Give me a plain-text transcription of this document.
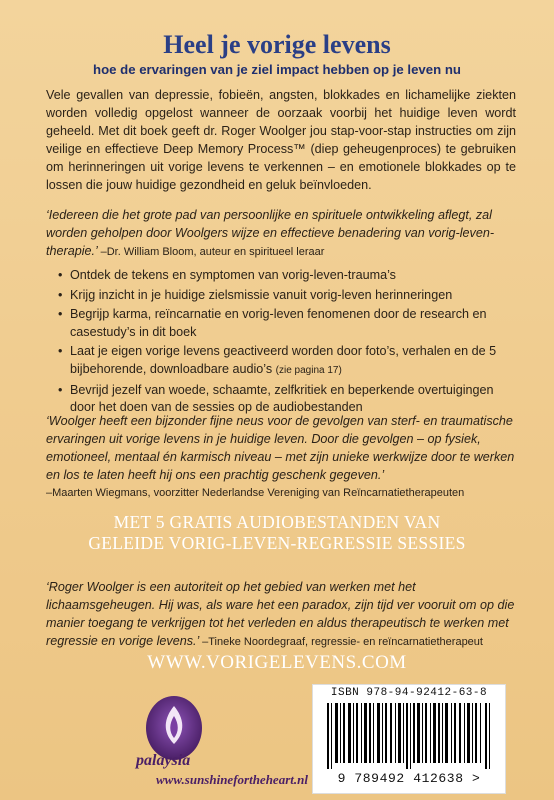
Heel je vorige levens
hoe de ervaringen van je ziel impact hebben op je leven nu
Vele gevallen van depressie, fobieën, angsten, blokkades en lichamelijke ziekten worden volledig opgelost wanneer de oorzaak voorbij het huidige leven wordt geheeld. Met dit boek geeft dr. Roger Woolger jou stap-voor-stap instructies om zijn veilige en effectieve Deep Memory Process™ (diep geheugenproces) te gebruiken om herinneringen uit vorige levens te verkennen – en emotionele blokkades op te lossen die jouw huidige gezondheid en geluk beïnvloeden.
‘Iedereen die het grote pad van persoonlijke en spirituele ontwikkeling aflegt, zal worden geholpen door Woolgers wijze en effectieve benadering van vorig-leven-therapie.’ –Dr. William Bloom, auteur en spiritueel leraar
• Ontdek de tekens en symptomen van vorig-leven-trauma’s
• Krijg inzicht in je huidige zielsmissie vanuit vorig-leven herinneringen
• Begrijp karma, reïncarnatie en vorig-leven fenomenen door de research en casestudy’s in dit boek
• Laat je eigen vorige levens geactiveerd worden door foto’s, verhalen en de 5 bijbehorende, downloadbare audio’s (zie pagina 17)
• Bevrijd jezelf van woede, schaamte, zelfkritiek en beperkende overtuigingen door het doen van de sessies op de audiobestanden
‘Woolger heeft een bijzonder fijne neus voor de gevolgen van sterf- en traumatische ervaringen uit vorige levens in je huidige leven. Door die gevolgen – op fysiek, emotioneel, mentaal én karmisch niveau – met zijn unieke werkwijze door te werken en los te laten heeft hij ons een prachtig geschenk gegeven.’
–Maarten Wiegmans, voorzitter Nederlandse Vereniging van Reïncarnatietherapeuten
MET 5 GRATIS AUDIOBESTANDEN VAN
GELEIDE VORIG-LEVEN-REGRESSIE SESSIES
‘Roger Woolger is een autoriteit op het gebied van werken met het lichaamsgeheugen. Hij was, als ware het een paradox, zijn tijd ver vooruit om op die manier toegang te verkrijgen tot het verleden en aldus therapeutisch te werken met regressie en vorige levens.’ –Tineke Noordegraaf, regressie- en reïncarnatietherapeut
WWW.VORIGELEVENS.COM
palaysia
www.sunshinefortheheart.nl
ISBN 978-94-92412-63-8
9 789492 412638 >
